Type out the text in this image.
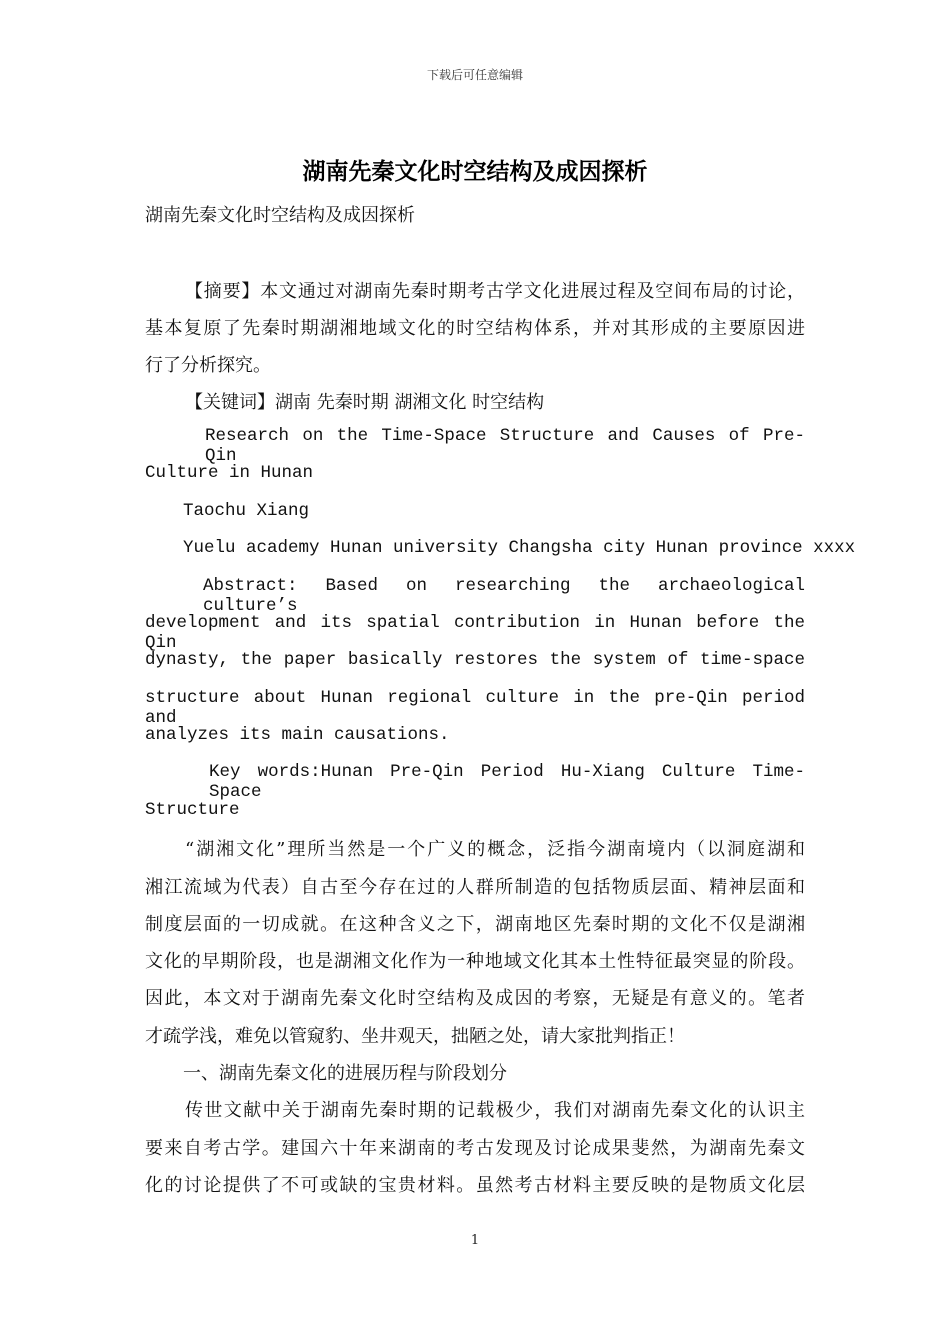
下载后可任意编辑
湖南先秦文化时空结构及成因探析
湖南先秦文化时空结构及成因探析
【摘要】本文通过对湖南先秦时期考古学文化进展过程及空间布局的讨论，
基本复原了先秦时期湖湘地域文化的时空结构体系，并对其形成的主要原因进
行了分析探究。
【关键词】湖南 先秦时期 湖湘文化 时空结构
Research on the Time-Space Structure and Causes of Pre-Qin
Culture in Hunan
Taochu Xiang
Yuelu academy Hunan university Changsha city Hunan province xxxx
Abstract: Based on researching the archaeological culture’s
development and its spatial contribution in Hunan before the Qin
dynasty, the paper basically restores the system of time-space
structure about Hunan regional culture in the pre-Qin period and
analyzes its main causations.
Key words:Hunan Pre-Qin Period Hu-Xiang Culture Time-Space
Structure
“湖湘文化”理所当然是一个广义的概念，泛指今湖南境内（以洞庭湖和
湘江流域为代表）自古至今存在过的人群所制造的包括物质层面、精神层面和
制度层面的一切成就。在这种含义之下，湖南地区先秦时期的文化不仅是湖湘
文化的早期阶段，也是湖湘文化作为一种地域文化其本土性特征最突显的阶段。
因此，本文对于湖南先秦文化时空结构及成因的考察，无疑是有意义的。笔者
才疏学浅，难免以管窥豹、坐井观天，拙陋之处，请大家批判指正！
一、湖南先秦文化的进展历程与阶段划分
传世文献中关于湖南先秦时期的记载极少，我们对湖南先秦文化的认识主
要来自考古学。建国六十年来湖南的考古发现及讨论成果斐然，为湖南先秦文
化的讨论提供了不可或缺的宝贵材料。虽然考古材料主要反映的是物质文化层
1
